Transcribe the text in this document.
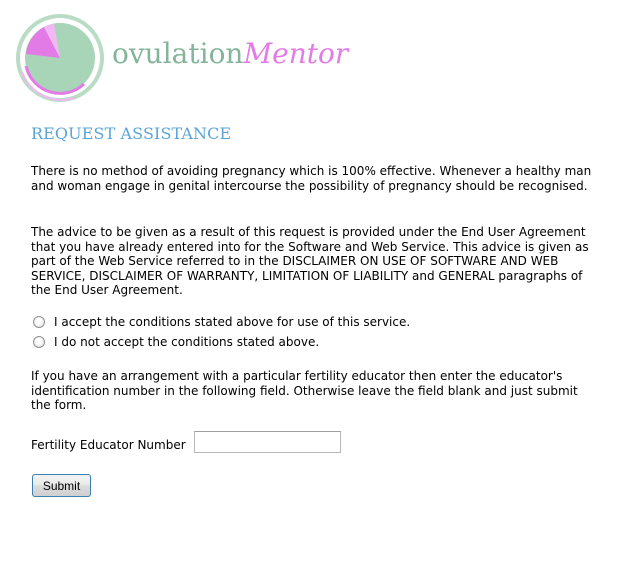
ovulationMentor
REQUEST ASSISTANCE

There is no method of avoiding pregnancy which is 100% effective. Whenever a healthy man and woman engage in genital intercourse the possibility of pregnancy should be recognised.

The advice to be given as a result of this request is provided under the End User Agreement that you have already entered into for the Software and Web Service. This advice is given as part of the Web Service referred to in the DISCLAIMER ON USE OF SOFTWARE AND WEB SERVICE, DISCLAIMER OF WARRANTY, LIMITATION OF LIABILITY and GENERAL paragraphs of the End User Agreement.

I accept the conditions stated above for use of this service.
I do not accept the conditions stated above.

If you have an arrangement with a particular fertility educator then enter the educator's identification number in the following field. Otherwise leave the field blank and just submit the form.

Fertility Educator Number
Submit
